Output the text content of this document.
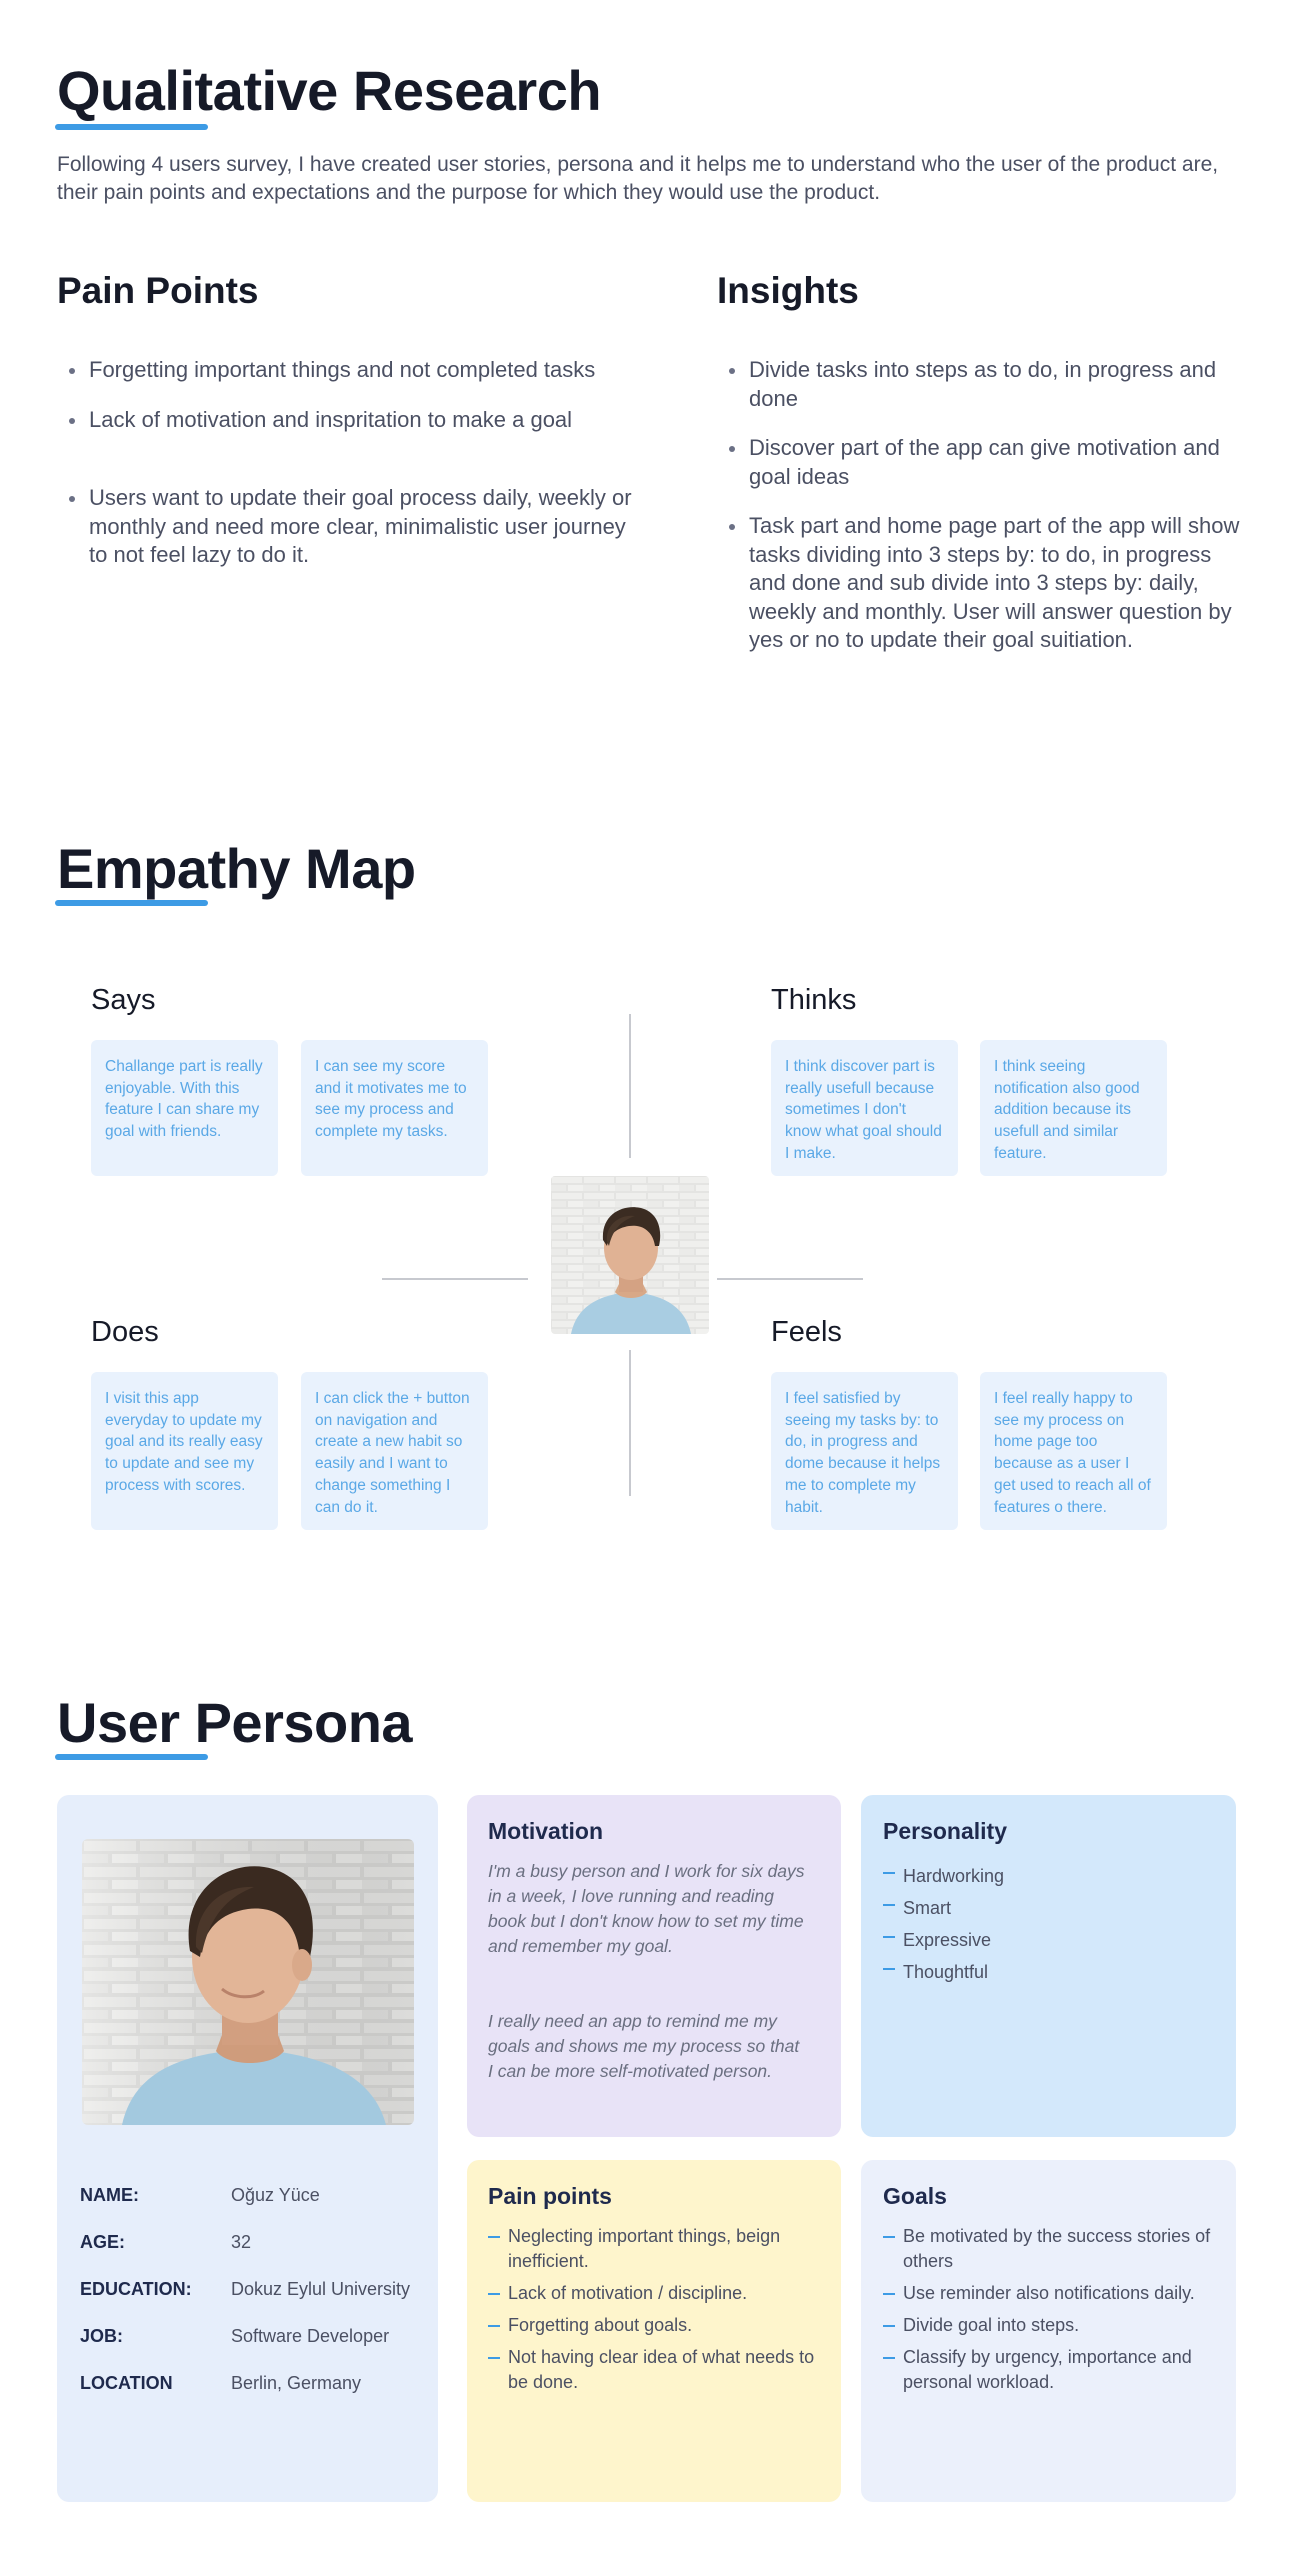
Qualitative Research

Following 4 users survey, I have created user stories, persona and it helps me to understand who the user of the product are, their pain points and expectations and the purpose for which they would use the product.

Pain Points
Forgetting important things and not completed tasks
Lack of motivation and inspritation to make a goal
Users want to update their goal process daily, weekly or monthly and need more clear, minimalistic user journey to not feel lazy to do it.
Insights
Divide tasks into steps as to do, in progress and done
Discover part of the app can give motivation and goal ideas
Task part and home page part of the app will show tasks dividing into 3 steps by: to do, in progress and done and sub divide into 3 steps by: daily, weekly and monthly. User will answer question by yes or no to update their goal suitiation.
Empathy Map
Says
Challange part is really enjoyable. With this feature I can share my goal with friends.
I can see my score and it motivates me to see my process and complete my tasks.
Thinks
I think discover part is really usefull because sometimes I don't know what goal should I make.
I think seeing notification also good addition because its usefull and similar feature.
Does
I visit this app everyday to update my goal and its really easy to update and see my process with scores.
I can click the + button on navigation and create a new habit so easily and I want to change something I can do it.
Feels
I feel satisfied by seeing my tasks by: to do, in progress and dome because it helps me to complete my habit.
I feel really happy to see my process on home page too because as a user I get used to reach all of features o there.
User Persona
NAME:	Oğuz Yüce
AGE:	32
EDUCATION:	Dokuz Eylul University
JOB:	Software Developer
LOCATION	Berlin, Germany
Motivation

I'm a busy person and I work for six days in a week, I love running and reading book but I don't know how to set my time and remember my goal.

I really need an app to remind me my goals and shows me my process so that I can be more self-motivated person.

Personality
Hardworking
Smart
Expressive
Thoughtful
Pain points
Neglecting important things, beign inefficient.
Lack of motivation / discipline.
Forgetting about goals.
Not having clear idea of what needs to be done.
Goals
Be motivated by the success stories of others
Use reminder also notifications daily.
Divide goal into steps.
Classify by urgency, importance and personal workload.
